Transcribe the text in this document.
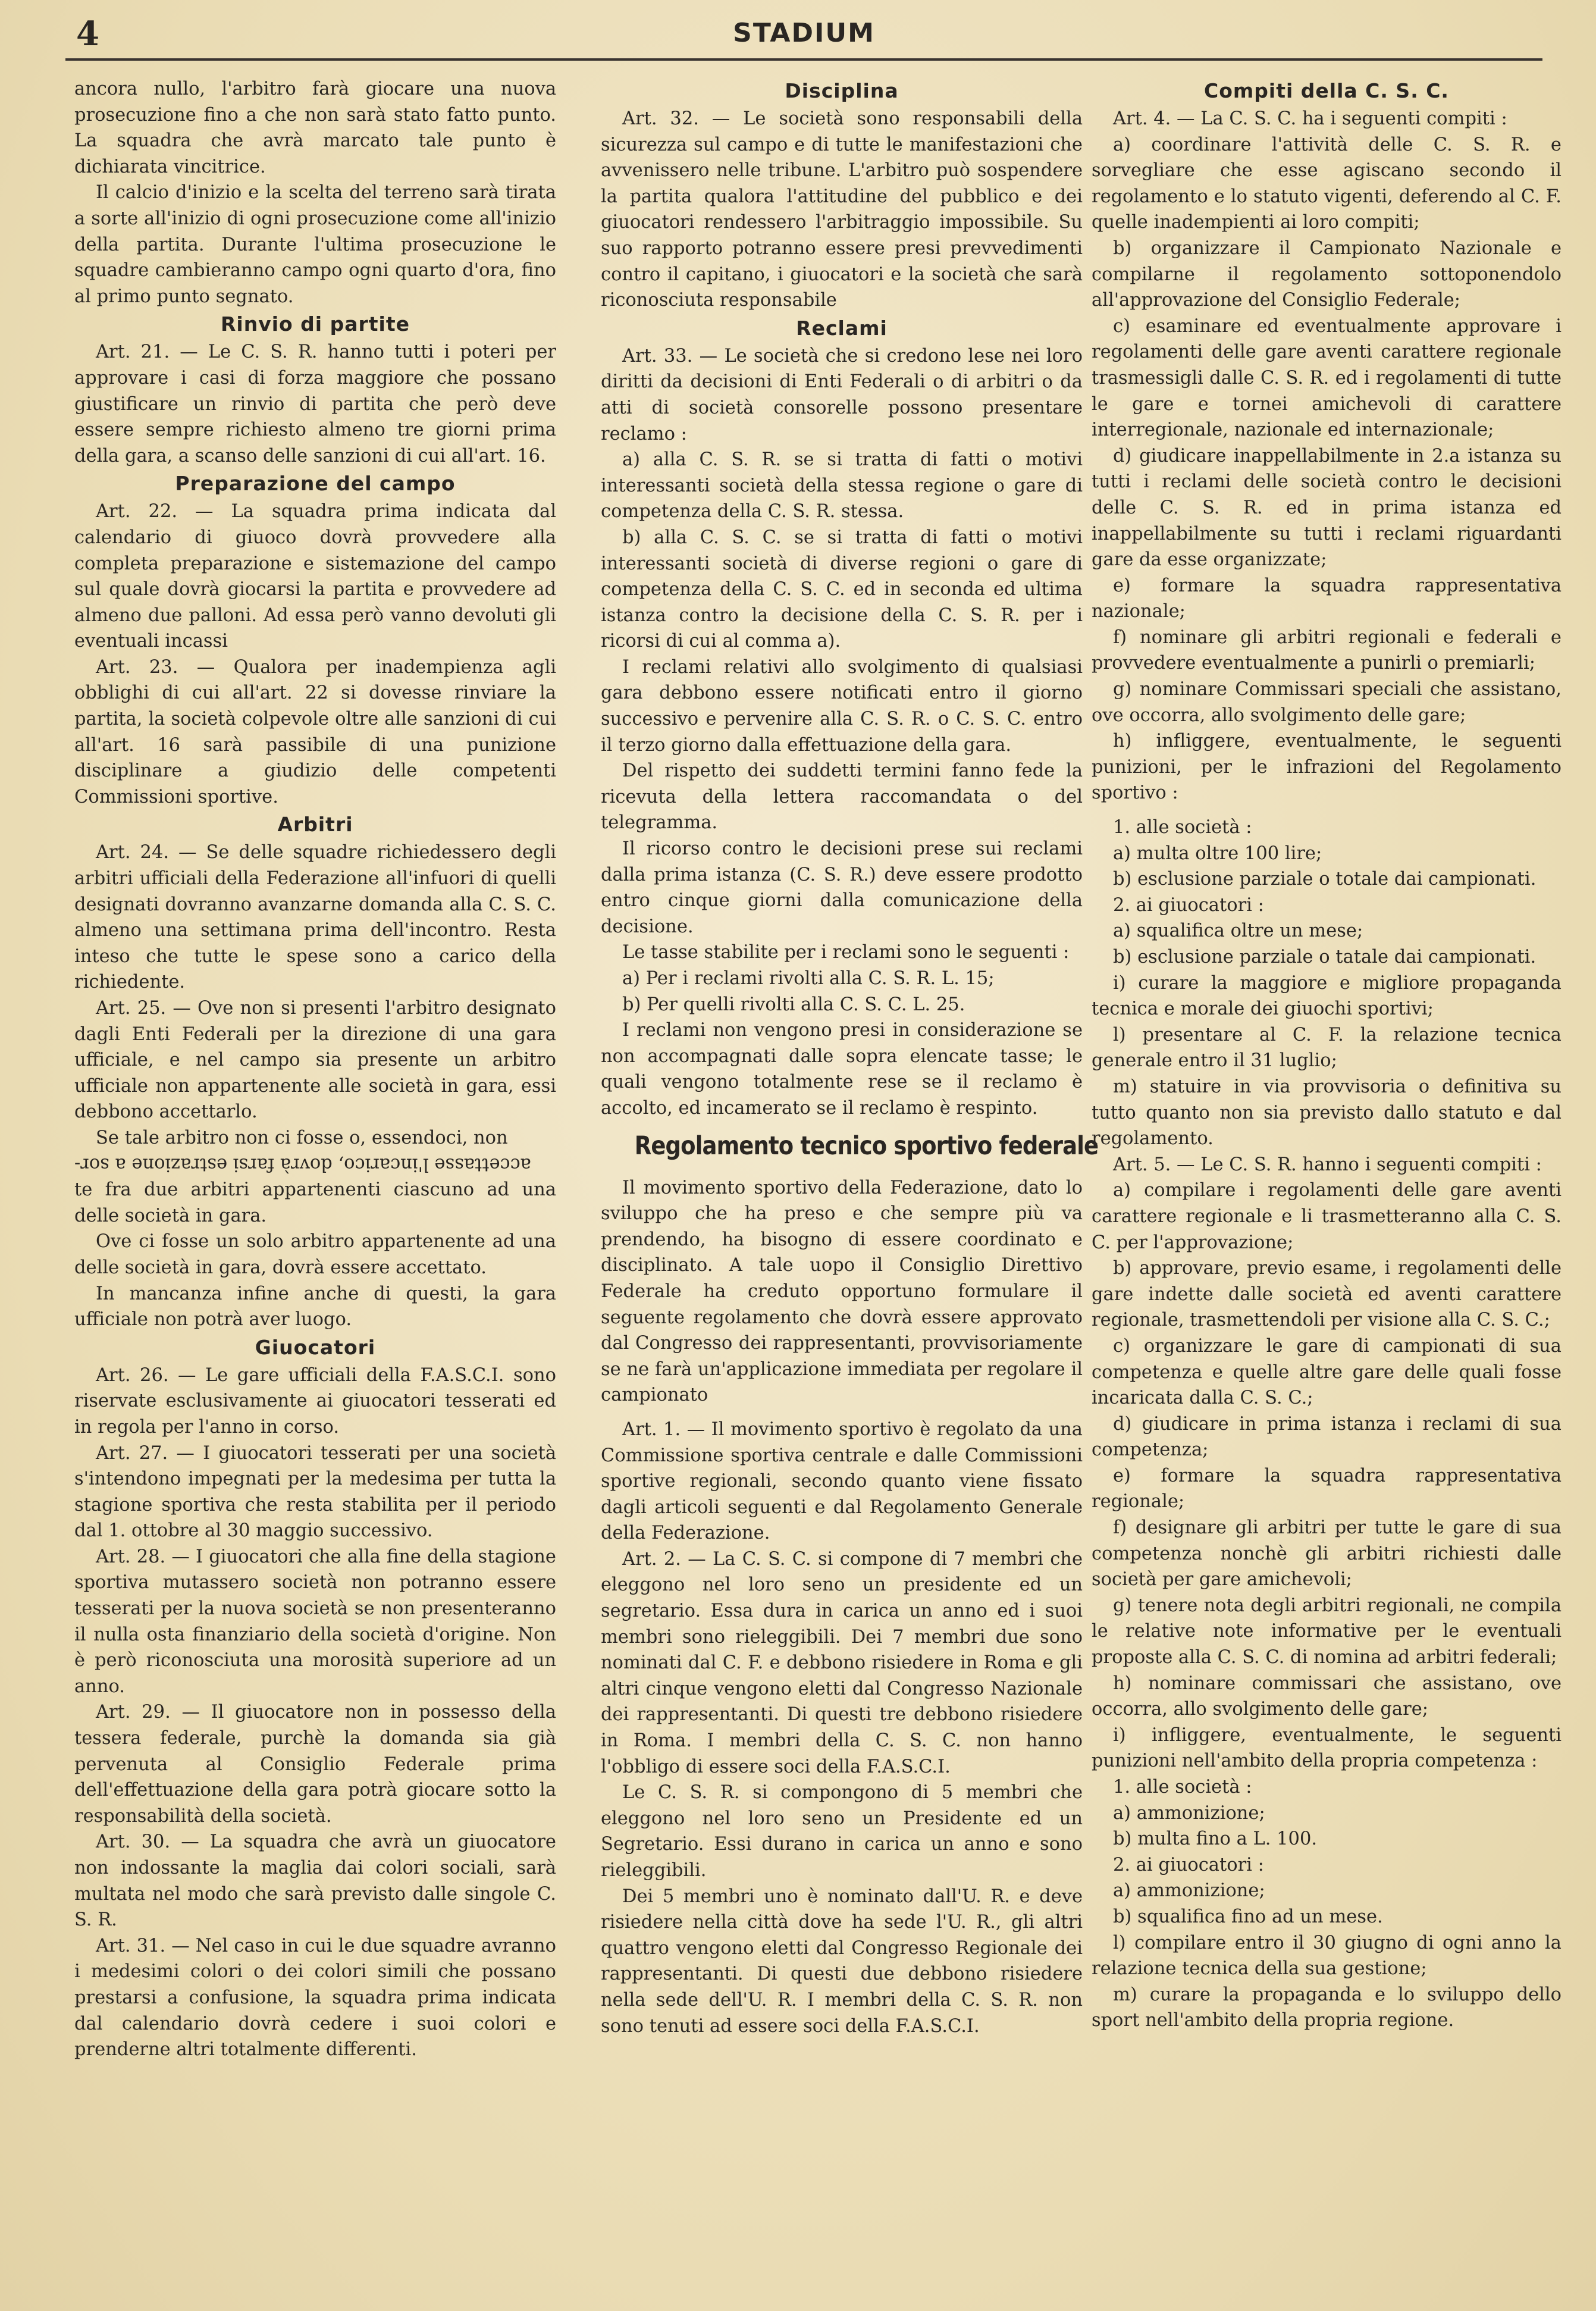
4	STADIUM

ancora nullo, l'arbitro farà giocare una nuova prosecuzione fino a che non sarà stato fatto punto. La squadra che avrà marcato tale punto è dichiarata vincitrice.

Il calcio d'inizio e la scelta del terreno sarà tirata a sorte all'inizio di ogni prosecuzione come all'inizio della partita. Durante l'ultima prosecuzione le squadre cambieranno campo ogni quarto d'ora, fino al primo punto segnato.

Rinvio di partite

Art. 21. — Le C. S. R. hanno tutti i poteri per approvare i casi di forza maggiore che possano giustificare un rinvio di partita che però deve essere sempre richiesto almeno tre giorni prima della gara, a scanso delle sanzioni di cui all'art. 16.

Preparazione del campo

Art. 22. — La squadra prima indicata dal calendario di giuoco dovrà provvedere alla completa preparazione e sistemazione del campo sul quale dovrà giocarsi la partita e provvedere ad almeno due palloni. Ad essa però vanno devoluti gli eventuali incassi

Art. 23. — Qualora per inadempienza agli obblighi di cui all'art. 22 si dovesse rinviare la partita, la società colpevole oltre alle sanzioni di cui all'art. 16 sarà passibile di una punizione disciplinare a giudizio delle competenti Commissioni sportive.

Arbitri

Art. 24. — Se delle squadre richiedessero degli arbitri ufficiali della Federazione all'infuori di quelli designati dovranno avanzarne domanda alla C. S. C. almeno una settimana prima dell'incontro. Resta inteso che tutte le spese sono a carico della richiedente.

Art. 25. — Ove non si presenti l'arbitro designato dagli Enti Federali per la direzione di una gara ufficiale, e nel campo sia presente un arbitro ufficiale non appartenente alle società in gara, essi debbono accettarlo.

Se tale arbitro non ci fosse o, essendoci, non

accettasse l'incarico, dovrà farsi estrazione a sor-

te fra due arbitri appartenenti ciascuno ad una delle società in gara.

Ove ci fosse un solo arbitro appartenente ad una delle società in gara, dovrà essere accettato.

In mancanza infine anche di questi, la gara ufficiale non potrà aver luogo.

Giuocatori

Art. 26. — Le gare ufficiali della F.A.S.C.I. sono riservate esclusivamente ai giuocatori tesserati ed in regola per l'anno in corso.

Art. 27. — I giuocatori tesserati per una società s'intendono impegnati per la medesima per tutta la stagione sportiva che resta stabilita per il periodo dal 1. ottobre al 30 maggio successivo.

Art. 28. — I giuocatori che alla fine della stagione sportiva mutassero società non potranno essere tesserati per la nuova società se non presenteranno il nulla osta finanziario della società d'origine. Non è però riconosciuta una morosità superiore ad un anno.

Art. 29. — Il giuocatore non in possesso della tessera federale, purchè la domanda sia già pervenuta al Consiglio Federale prima dell'effettuazione della gara potrà giocare sotto la responsabilità della società.

Art. 30. — La squadra che avrà un giuocatore non indossante la maglia dai colori sociali, sarà multata nel modo che sarà previsto dalle singole C. S. R.

Art. 31. — Nel caso in cui le due squadre avranno i medesimi colori o dei colori simili che possano prestarsi a confusione, la squadra prima indicata dal calendario dovrà cedere i suoi colori e prenderne altri totalmente differenti.

Disciplina

Art. 32. — Le società sono responsabili della sicurezza sul campo e di tutte le manifestazioni che avvenissero nelle tribune. L'arbitro può sospendere la partita qualora l'attitudine del pubblico e dei giuocatori rendessero l'arbitraggio impossibile. Su suo rapporto potranno essere presi prevvedimenti contro il capitano, i giuocatori e la società che sarà riconosciuta responsabile

Reclami

Art. 33. — Le società che si credono lese nei loro diritti da decisioni di Enti Federali o di arbitri o da atti di società consorelle possono presentare reclamo :

a) alla C. S. R. se si tratta di fatti o motivi interessanti società della stessa regione o gare di competenza della C. S. R. stessa.

b) alla C. S. C. se si tratta di fatti o motivi interessanti società di diverse regioni o gare di competenza della C. S. C. ed in seconda ed ultima istanza contro la decisione della C. S. R. per i ricorsi di cui al comma a).

I reclami relativi allo svolgimento di qualsiasi gara debbono essere notificati entro il giorno successivo e pervenire alla C. S. R. o C. S. C. entro il terzo giorno dalla effettuazione della gara.

Del rispetto dei suddetti termini fanno fede la ricevuta della lettera raccomandata o del telegramma.

Il ricorso contro le decisioni prese sui reclami dalla prima istanza (C. S. R.) deve essere prodotto entro cinque giorni dalla comunicazione della decisione.

Le tasse stabilite per i reclami sono le seguenti :

a) Per i reclami rivolti alla C. S. R. L. 15;

b) Per quelli rivolti alla C. S. C. L. 25.

I reclami non vengono presi in considerazione se non accompagnati dalle sopra elencate tasse; le quali vengono totalmente rese se il reclamo è accolto, ed incamerato se il reclamo è respinto.

Regolamento tecnico sportivo federale

Il movimento sportivo della Federazione, dato lo sviluppo che ha preso e che sempre più va prendendo, ha bisogno di essere coordinato e disciplinato. A tale uopo il Consiglio Direttivo Federale ha creduto opportuno formulare il seguente regolamento che dovrà essere approvato dal Congresso dei rappresentanti, provvisoriamente se ne farà un'applicazione immediata per regolare il campionato

Art. 1. — Il movimento sportivo è regolato da una Commissione sportiva centrale e dalle Commissioni sportive regionali, secondo quanto viene fissato dagli articoli seguenti e dal Regolamento Generale della Federazione.

Art. 2. — La C. S. C. si compone di 7 membri che eleggono nel loro seno un presidente ed un segretario. Essa dura in carica un anno ed i suoi membri sono rieleggibili. Dei 7 membri due sono nominati dal C. F. e debbono risiedere in Roma e gli altri cinque vengono eletti dal Congresso Nazionale dei rappresentanti. Di questi tre debbono risiedere in Roma. I membri della C. S. C. non hanno l'obbligo di essere soci della F.A.S.C.I.

Le C. S. R. si compongono di 5 membri che eleggono nel loro seno un Presidente ed un Segretario. Essi durano in carica un anno e sono rieleggibili.

Dei 5 membri uno è nominato dall'U. R. e deve risiedere nella città dove ha sede l'U. R., gli altri quattro vengono eletti dal Congresso Regionale dei rappresentanti. Di questi due debbono risiedere nella sede dell'U. R. I membri della C. S. R. non sono tenuti ad essere soci della F.A.S.C.I.

Compiti della C. S. C.

Art. 4. — La C. S. C. ha i seguenti compiti :

a) coordinare l'attività delle C. S. R. e sorvegliare che esse agiscano secondo il regolamento e lo statuto vigenti, deferendo al C. F. quelle inadempienti ai loro compiti;

b) organizzare il Campionato Nazionale e compilarne il regolamento sottoponendolo all'approvazione del Consiglio Federale;

c) esaminare ed eventualmente approvare i regolamenti delle gare aventi carattere regionale trasmessigli dalle C. S. R. ed i regolamenti di tutte le gare e tornei amichevoli di carattere interregionale, nazionale ed internazionale;

d) giudicare inappellabilmente in 2.a istanza su tutti i reclami delle società contro le decisioni delle C. S. R. ed in prima istanza ed inappellabilmente su tutti i reclami riguardanti gare da esse organizzate;

e) formare la squadra rappresentativa nazionale;

f) nominare gli arbitri regionali e federali e provvedere eventualmente a punirli o premiarli;

g) nominare Commissari speciali che assistano, ove occorra, allo svolgimento delle gare;

h) infliggere, eventualmente, le seguenti punizioni, per le infrazioni del Regolamento sportivo :

1. alle società :

a) multa oltre 100 lire;

b) esclusione parziale o totale dai campionati.

2. ai giuocatori :

a) squalifica oltre un mese;

b) esclusione parziale o tatale dai campionati.

i) curare la maggiore e migliore propaganda tecnica e morale dei giuochi sportivi;

l) presentare al C. F. la relazione tecnica generale entro il 31 luglio;

m) statuire in via provvisoria o definitiva su tutto quanto non sia previsto dallo statuto e dal regolamento.

Art. 5. — Le C. S. R. hanno i seguenti compiti :

a) compilare i regolamenti delle gare aventi carattere regionale e li trasmetteranno alla C. S. C. per l'approvazione;

b) approvare, previo esame, i regolamenti delle gare indette dalle società ed aventi carattere regionale, trasmettendoli per visione alla C. S. C.;

c) organizzare le gare di campionati di sua competenza e quelle altre gare delle quali fosse incaricata dalla C. S. C.;

d) giudicare in prima istanza i reclami di sua competenza;

e) formare la squadra rappresentativa regionale;

f) designare gli arbitri per tutte le gare di sua competenza nonchè gli arbitri richiesti dalle società per gare amichevoli;

g) tenere nota degli arbitri regionali, ne compila le relative note informative per le eventuali proposte alla C. S. C. di nomina ad arbitri federali;

h) nominare commissari che assistano, ove occorra, allo svolgimento delle gare;

i) infliggere, eventualmente, le seguenti punizioni nell'ambito della propria competenza :

1. alle società :

a) ammonizione;

b) multa fino a L. 100.

2. ai giuocatori :

a) ammonizione;

b) squalifica fino ad un mese.

l) compilare entro il 30 giugno di ogni anno la relazione tecnica della sua gestione;

m) curare la propaganda e lo sviluppo dello sport nell'ambito della propria regione.
